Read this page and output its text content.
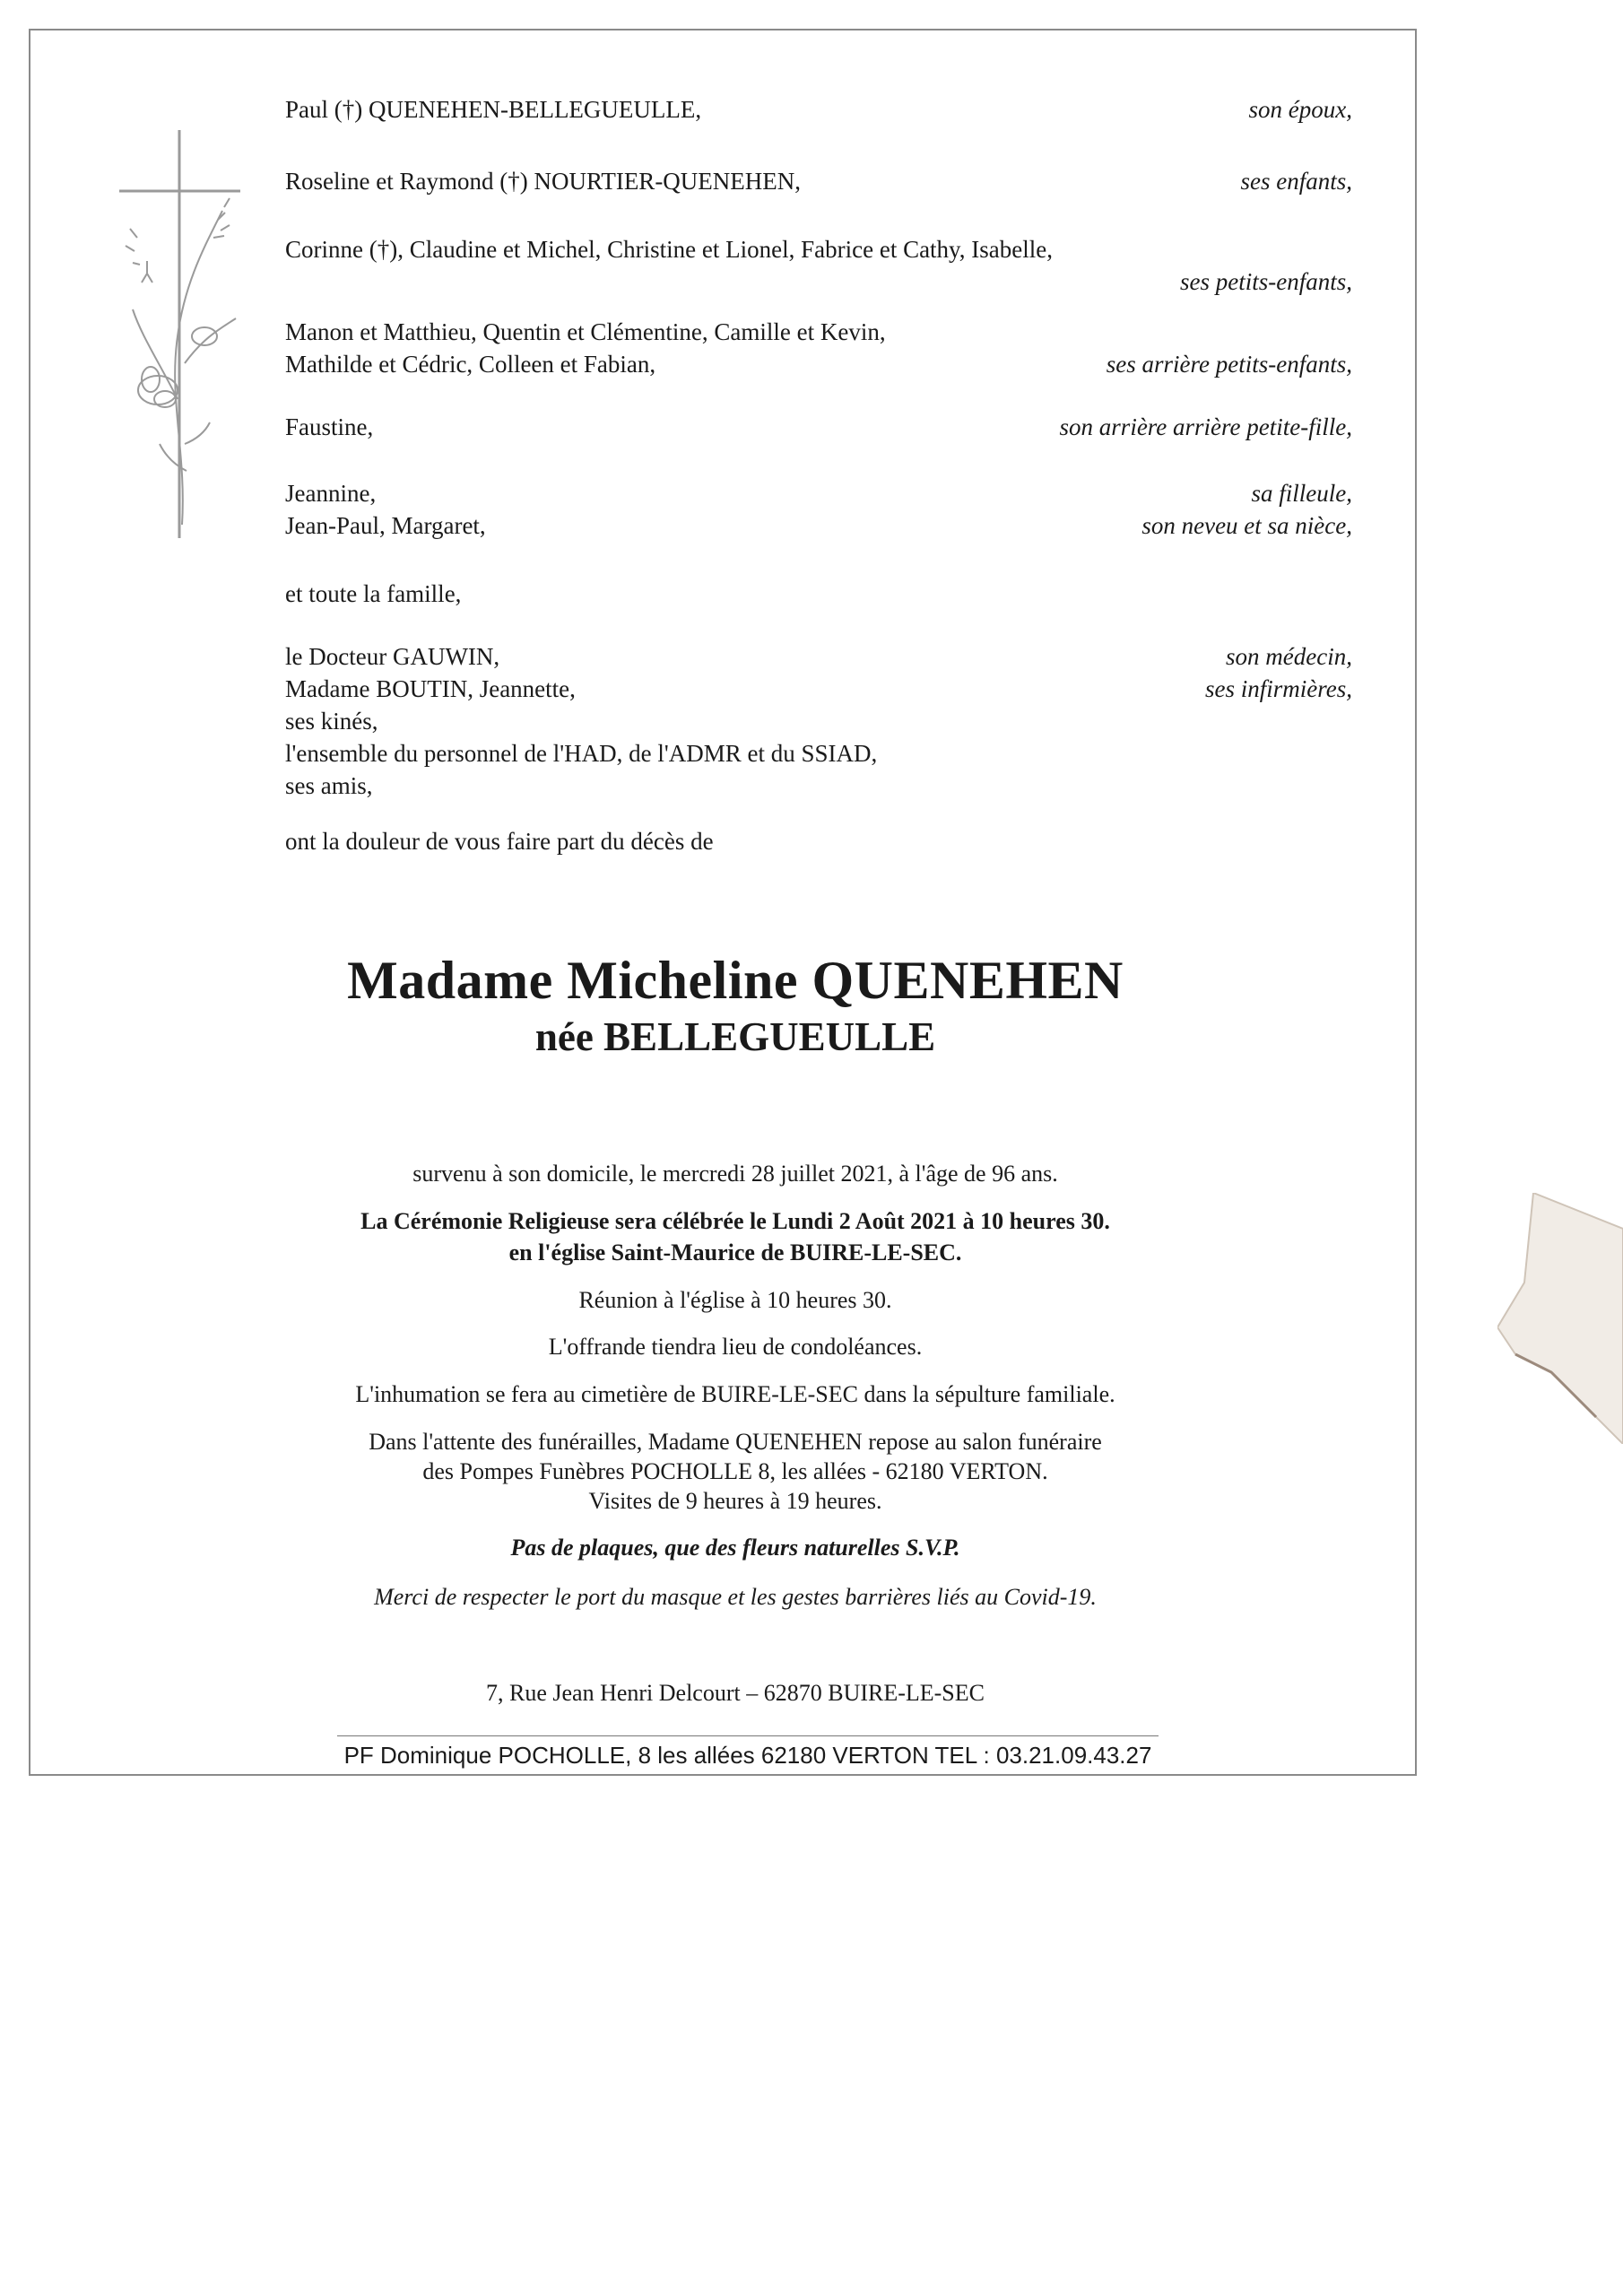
Paul (†) QUENEHEN-BELLEGUEULLE,	son époux,
Roseline et Raymond (†) NOURTIER-QUENEHEN,	ses enfants,
Corinne (†), Claudine et Michel, Christine et Lionel, Fabrice et Cathy, Isabelle,
ses petits-enfants,
Manon et Matthieu, Quentin et Clémentine, Camille et Kevin,
Mathilde et Cédric, Colleen et Fabian,	ses arrière petits-enfants,
Faustine,	son arrière arrière petite-fille,
Jeannine,	sa filleule,
Jean-Paul, Margaret,	son neveu et sa nièce,
et toute la famille,
le Docteur GAUWIN,	son médecin,
Madame BOUTIN, Jeannette,	ses infirmières,
ses kinés,
l'ensemble du personnel de l'HAD, de l'ADMR et du SSIAD,
ses amis,
ont la douleur de vous faire part du décès de
Madame Micheline QUENEHEN
née BELLEGUEULLE
survenu à son domicile, le mercredi 28 juillet 2021, à l'âge de 96 ans.
La Cérémonie Religieuse sera célébrée le Lundi 2 Août 2021 à 10 heures 30.
en l'église Saint-Maurice de BUIRE-LE-SEC.
Réunion à l'église à 10 heures 30.
L'offrande tiendra lieu de condoléances.
L'inhumation se fera au cimetière de BUIRE-LE-SEC dans la sépulture familiale.
Dans l'attente des funérailles, Madame QUENEHEN repose au salon funéraire
des Pompes Funèbres POCHOLLE 8, les allées - 62180 VERTON.
Visites de 9 heures à 19 heures.
Pas de plaques, que des fleurs naturelles S.V.P.
Merci de respecter le port du masque et les gestes barrières liés au Covid-19.
7, Rue Jean Henri Delcourt – 62870 BUIRE-LE-SEC
PF Dominique POCHOLLE, 8 les allées 62180 VERTON TEL : 03.21.09.43.27
